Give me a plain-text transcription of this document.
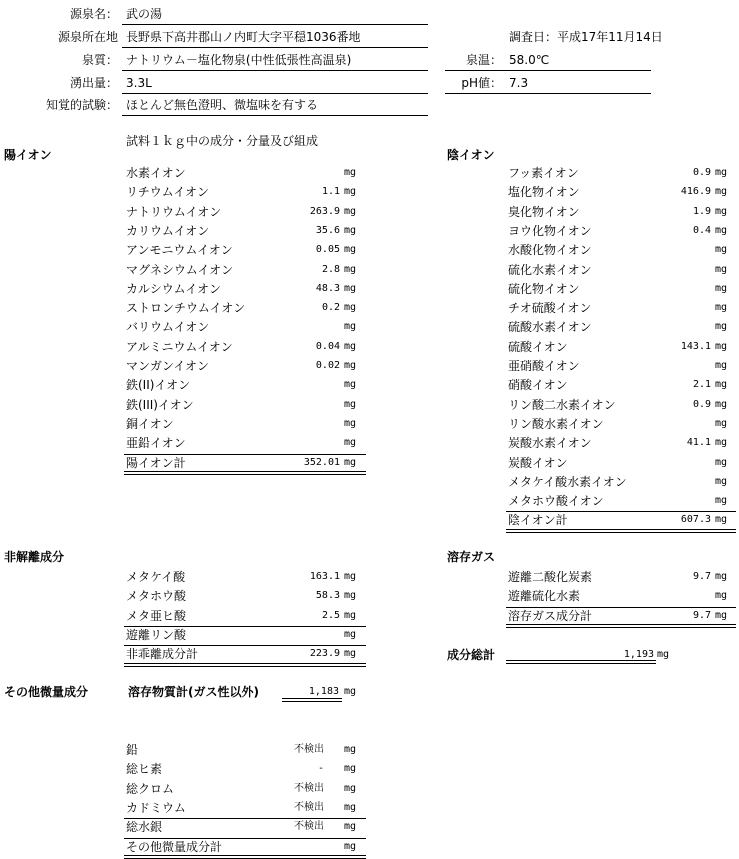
源泉名： 武の湯
源泉所在地 長野県下高井郡山ノ内町大字平穏1036番地	調査日：平成17年11月14日
泉質： ナトリウム－塩化物泉(中性低張性高温泉)	泉温： 58.0℃
湧出量： 3.3L	pH値： 7.3
知覚的試験： ほとんど無色澄明、微塩味を有する
試料１ｋｇ中の成分・分量及び組成
陽イオン	陰イオン
非解離成分	溶存ガス
水素イオン	mg
リチウムイオン	1.1 mg
ナトリウムイオン	263.9 mg
カリウムイオン	35.6 mg
アンモニウムイオン	0.05 mg
マグネシウムイオン	2.8 mg
カルシウムイオン	48.3 mg
ストロンチウムイオン	0.2 mg
バリウムイオン	mg
アルミニウムイオン	0.04 mg
マンガンイオン	0.02 mg
鉄(II)イオン	mg
鉄(III)イオン	mg
銅イオン	mg
亜鉛イオン	mg
陽イオン計	352.01 mg
フッ素イオン	0.9 mg
塩化物イオン	416.9 mg
臭化物イオン	1.9 mg
ヨウ化物イオン	0.4 mg
水酸化物イオン	mg
硫化水素イオン	mg
硫化物イオン	mg
チオ硫酸イオン	mg
硫酸水素イオン	mg
硫酸イオン	143.1 mg
亜硝酸イオン	mg
硝酸イオン	2.1 mg
リン酸二水素イオン	0.9 mg
リン酸水素イオン	mg
炭酸水素イオン	41.1 mg
炭酸イオン	mg
メタケイ酸水素イオン	mg
メタホウ酸イオン	mg
陰イオン計	607.3 mg
メタケイ酸	163.1 mg
メタホウ酸	58.3 mg
メタ亜ヒ酸	2.5 mg
遊離リン酸	mg
非乖離成分計	223.9 mg
遊離二酸化炭素	9.7 mg
遊離硫化水素	mg
溶存ガス成分計	9.7 mg
鉛	不検出 mg
総ヒ素	- mg
総クロム	不検出 mg
カドミウム	不検出 mg
総水銀	不検出 mg
その他微量成分計	mg
成分総計	1,193 mg
その他微量成分	溶存物質計(ガス性以外)	1,183 mg
